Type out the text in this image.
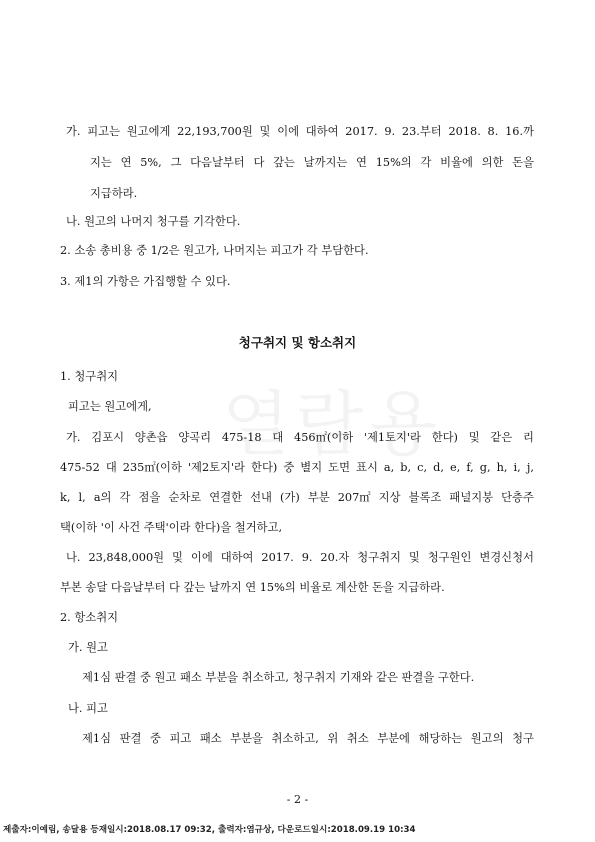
가. 피고는 원고에게 22,193,700원 및 이에 대하여 2017. 9. 23.부터 2018. 8. 16.까
지는 연 5%, 그 다음날부터 다 갚는 날까지는 연 15%의 각 비율에 의한 돈을
지급하라.
나. 원고의 나머지 청구를 기각한다.
2. 소송 총비용 중 1/2은 원고가, 나머지는 피고가 각 부담한다.
3. 제1의 가항은 가집행할 수 있다.
청구취지 및 항소취지
1. 청구취지
피고는 원고에게,
가. 김포시 양촌읍 양곡리 475-18 대 456㎡(이하 '제1토지'라 한다) 및 같은 리
475-52 대 235㎡(이하 '제2토지'라 한다) 중 별지 도면 표시 a, b, c, d, e, f, g, h, i, j,
k, l, a의 각 점을 순차로 연결한 선내 (가) 부분 207㎡ 지상 블록조 패널지붕 단층주
택(이하 '이 사건 주택'이라 한다)을 철거하고,
나. 23,848,000원 및 이에 대하여 2017. 9. 20.자 청구취지 및 청구원인 변경신청서
부본 송달 다음날부터 다 갚는 날까지 연 15%의 비율로 계산한 돈을 지급하라.
2. 항소취지
가. 원고
제1심 판결 중 원고 패소 부분을 취소하고, 청구취지 기재와 같은 판결을 구한다.
나. 피고
제1심 판결 중 피고 패소 부분을 취소하고, 위 취소 부분에 해당하는 원고의 청구
- 2 -
제출자:이예림, 송달용 등재일시:2018.08.17 09:32, 출력자:염규상, 다운로드일시:2018.09.19 10:34
